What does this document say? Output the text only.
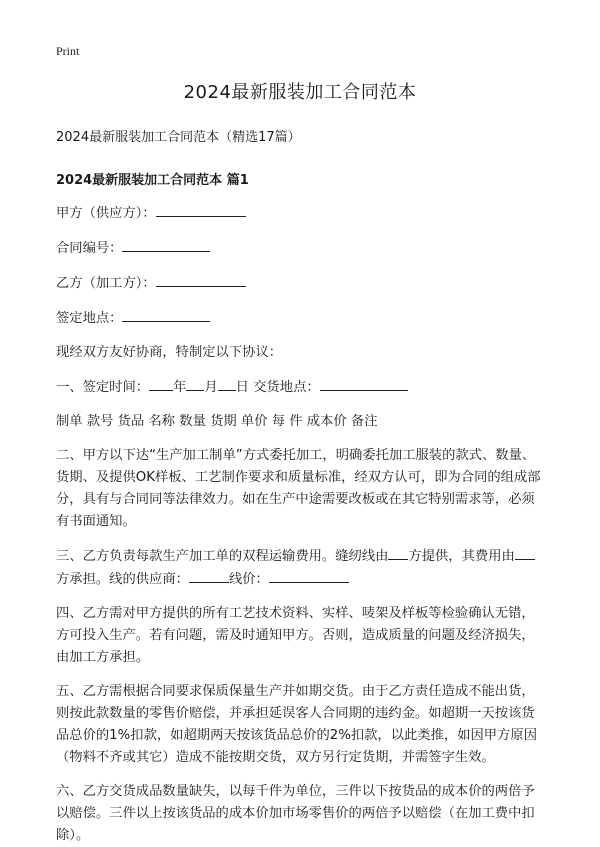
Print
2024最新服装加工合同范本
2024最新服装加工合同范本（精选17篇）
2024最新服装加工合同范本 篇1

甲方（供应方）：

合同编号：

乙方（加工方）：

签定地点：

现经双方友好协商，特制定以下协议：

一、签定时间： 年 月 日 交货地点：

制单 款号 货品 名称 数量 货期 单价 每 件 成本价 备注

二、甲方以下达“生产加工制单”方式委托加工，明确委托加工服装的款式、数量、货期、及提供OK样板、工艺制作要求和质量标准，经双方认可，即为合同的组成部分，具有与合同同等法律效力。如在生产中途需要改板或在其它特别需求等，必须有书面通知。

三、乙方负责每款生产加工单的双程运输费用。缝纫线由 方提供，其费用由方承担。线的供应商：	线价：

四、乙方需对甲方提供的所有工艺技术资料、实样、唛架及样板等检验确认无错，方可投入生产。若有问题，需及时通知甲方。否则，造成质量的问题及经济损失，由加工方承担。

五、乙方需根据合同要求保质保量生产并如期交货。由于乙方责任造成不能出货，则按此款数量的零售价赔偿，并承担延误客人合同期的违约金。如超期一天按该货品总价的1%扣款，如超期两天按该货品总价的2%扣款，以此类推，如因甲方原因（物料不齐或其它）造成不能按期交货，双方另行定货期，并需签字生效。

六、乙方交货成品数量缺失，以每千件为单位，三件以下按货品的成本价的两倍予以赔偿。三件以上按该货品的成本价加市场零售价的两倍予以赔偿（在加工费中扣除）。
